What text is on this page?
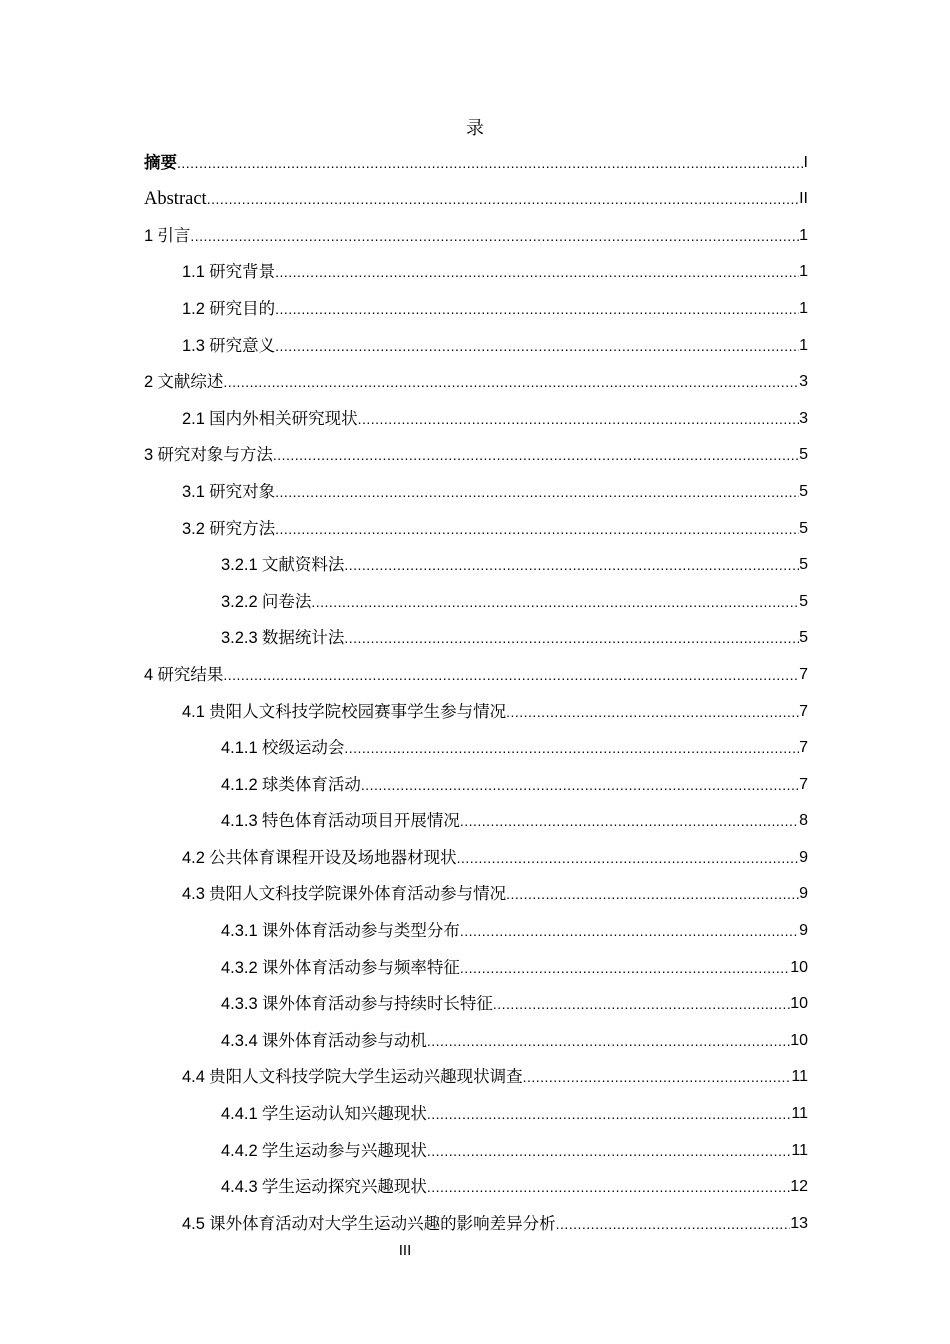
录
摘要 .....	I
Abstract .....	II
1 引言 .....	1
1.1 研究背景 .....	1
1.2 研究目的 .....	1
1.3 研究意义 .....	1
2 文献综述 .....	3
2.1 国内外相关研究现状 .....	3
3 研究对象与方法 .....	5
3.1 研究对象 .....	5
3.2 研究方法 .....	5
3.2.1 文献资料法 .....	5
3.2.2 问卷法 .....	5
3.2.3 数据统计法 .....	5
4 研究结果 .....	7
4.1 贵阳人文科技学院校园赛事学生参与情况 .....	7
4.1.1 校级运动会 .....	7
4.1.2 球类体育活动 .....	7
4.1.3 特色体育活动项目开展情况 .....	8
4.2 公共体育课程开设及场地器材现状 .....	9
4.3 贵阳人文科技学院课外体育活动参与情况 .....	9
4.3.1 课外体育活动参与类型分布 .....	9
4.3.2 课外体育活动参与频率特征 .....	10
4.3.3 课外体育活动参与持续时长特征 .....	10
4.3.4 课外体育活动参与动机 .....	10
4.4 贵阳人文科技学院大学生运动兴趣现状调查 .....	11
4.4.1 学生运动认知兴趣现状 .....	11
4.4.2 学生运动参与兴趣现状 .....	11
4.4.3 学生运动探究兴趣现状 .....	12
4.5 课外体育活动对大学生运动兴趣的影响差异分析 .....	13
III
